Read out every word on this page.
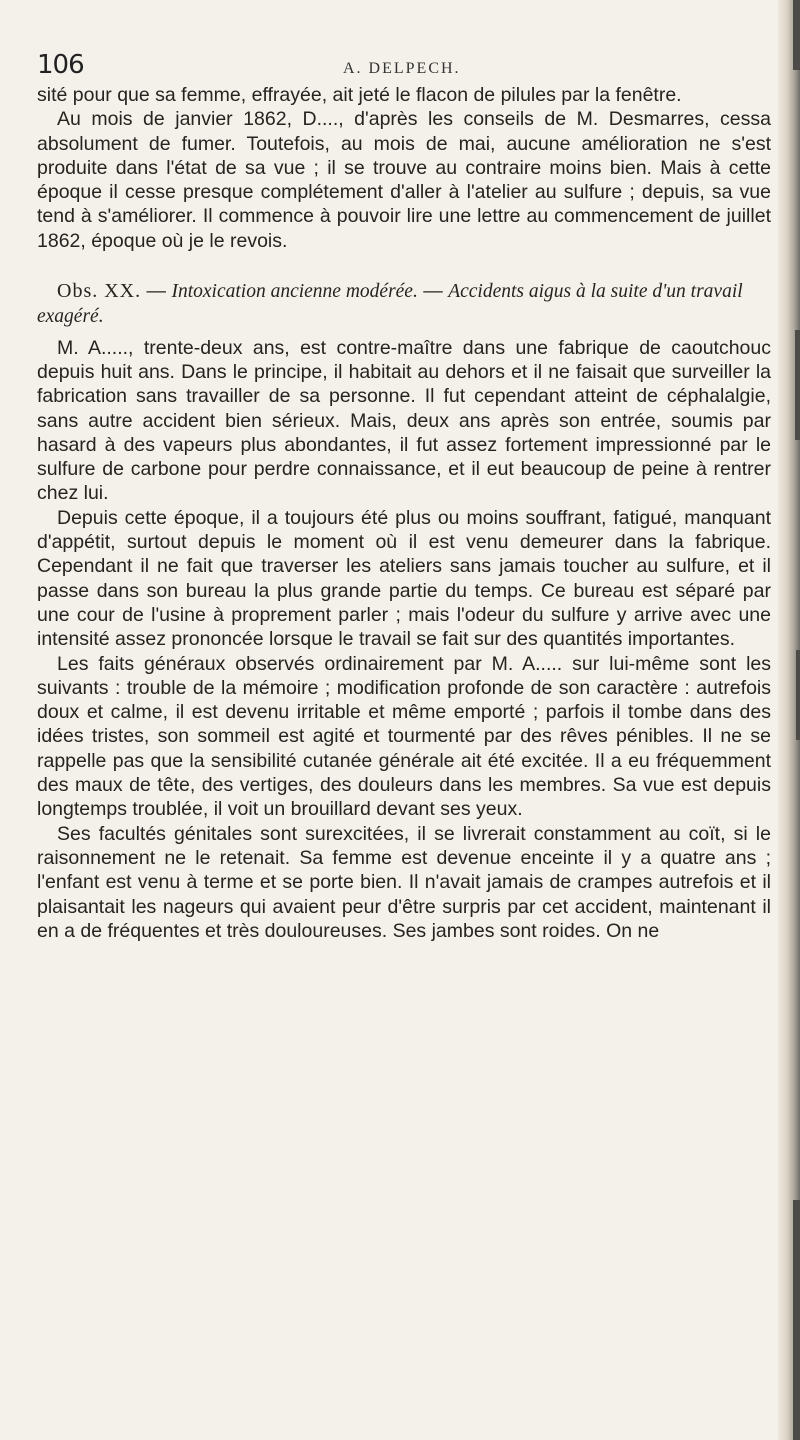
106	A. DELPECH.

sité pour que sa femme, effrayée, ait jeté le flacon de pilules par la fenêtre.

Au mois de janvier 1862, D...., d'après les conseils de M. Desmarres, cessa absolument de fumer. Toutefois, au mois de mai, aucune amélioration ne s'est produite dans l'état de sa vue ; il se trouve au contraire moins bien. Mais à cette époque il cesse presque complétement d'aller à l'atelier au sulfure ; depuis, sa vue tend à s'améliorer. Il commence à pouvoir lire une lettre au commencement de juillet 1862, époque où je le revois.

Obs. XX. — Intoxication ancienne modérée. — Accidents aigus à la suite d'un travail exagéré.

M. A....., trente-deux ans, est contre-maître dans une fabrique de caoutchouc depuis huit ans. Dans le principe, il habitait au dehors et il ne faisait que surveiller la fabrication sans travailler de sa personne. Il fut cependant atteint de céphalalgie, sans autre accident bien sérieux. Mais, deux ans après son entrée, soumis par hasard à des vapeurs plus abondantes, il fut assez fortement impressionné par le sulfure de carbone pour perdre connaissance, et il eut beaucoup de peine à rentrer chez lui.

Depuis cette époque, il a toujours été plus ou moins souffrant, fatigué, manquant d'appétit, surtout depuis le moment où il est venu demeurer dans la fabrique. Cependant il ne fait que traverser les ateliers sans jamais toucher au sulfure, et il passe dans son bureau la plus grande partie du temps. Ce bureau est séparé par une cour de l'usine à proprement parler ; mais l'odeur du sulfure y arrive avec une intensité assez prononcée lorsque le travail se fait sur des quantités importantes.

Les faits généraux observés ordinairement par M. A..... sur lui-même sont les suivants : trouble de la mémoire ; modification profonde de son caractère : autrefois doux et calme, il est devenu irritable et même emporté ; parfois il tombe dans des idées tristes, son sommeil est agité et tourmenté par des rêves pénibles. Il ne se rappelle pas que la sensibilité cutanée générale ait été excitée. Il a eu fréquemment des maux de tête, des vertiges, des douleurs dans les membres. Sa vue est depuis longtemps troublée, il voit un brouillard devant ses yeux.

Ses facultés génitales sont surexcitées, il se livrerait constamment au coït, si le raisonnement ne le retenait. Sa femme est devenue enceinte il y a quatre ans ; l'enfant est venu à terme et se porte bien. Il n'avait jamais de crampes autrefois et il plaisantait les nageurs qui avaient peur d'être surpris par cet accident, maintenant il en a de fréquentes et très douloureuses. Ses jambes sont roides. On ne
